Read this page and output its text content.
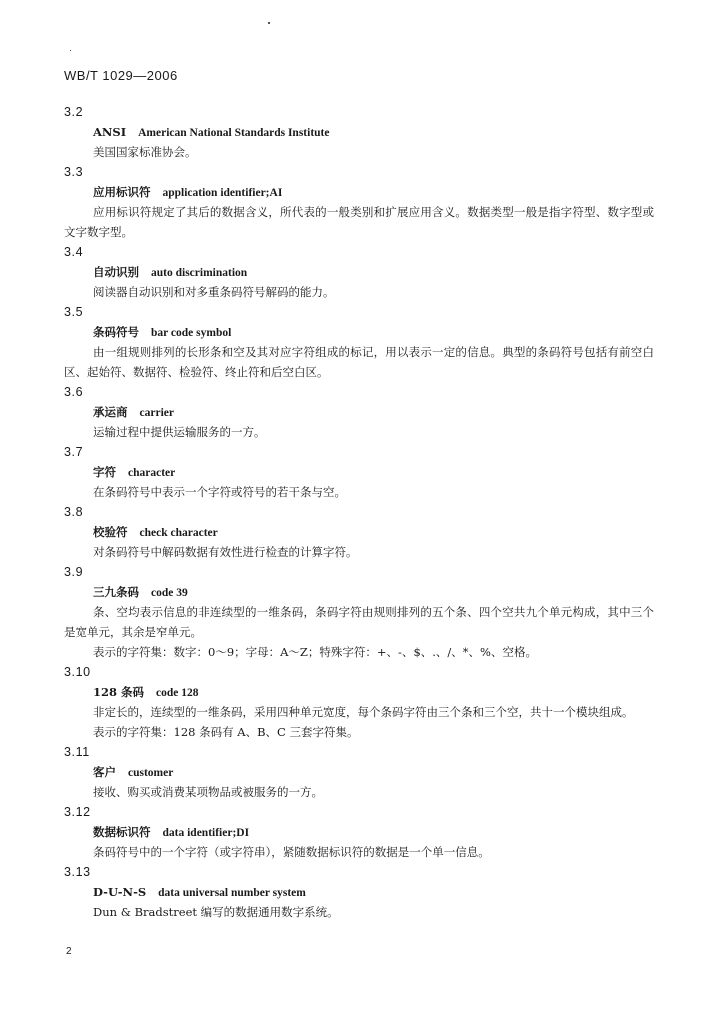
WB/T 1029—2006
3.2
ANSI American National Standards Institute
美国国家标准协会。
3.3
应用标识符 application identifier;AI
应用标识符规定了其后的数据含义，所代表的一般类别和扩展应用含义。数据类型一般是指字符型、数字型或文字数字型。
3.4
自动识别 auto discrimination
阅读器自动识别和对多重条码符号解码的能力。
3.5
条码符号 bar code symbol
由一组规则排列的长形条和空及其对应字符组成的标记，用以表示一定的信息。典型的条码符号包括有前空白区、起始符、数据符、检验符、终止符和后空白区。
3.6
承运商 carrier
运输过程中提供运输服务的一方。
3.7
字符 character
在条码符号中表示一个字符或符号的若干条与空。
3.8
校验符 check character
对条码符号中解码数据有效性进行检查的计算字符。
3.9
三九条码 code 39
条、空均表示信息的非连续型的一维条码，条码字符由规则排列的五个条、四个空共九个单元构成，其中三个是宽单元，其余是窄单元。
表示的字符集：数字：0～9；字母：A～Z；特殊字符：+、-、$、.、/、*、%、空格。
3.10
128 条码 code 128
非定长的，连续型的一维条码，采用四种单元宽度，每个条码字符由三个条和三个空，共十一个模块组成。
表示的字符集：128 条码有 A、B、C 三套字符集。
3.11
客户 customer
接收、购买或消费某项物品或被服务的一方。
3.12
数据标识符 data identifier;DI
条码符号中的一个字符（或字符串），紧随数据标识符的数据是一个单一信息。
3.13
D-U-N-S data universal number system
Dun & Bradstreet 编写的数据通用数字系统。
2
